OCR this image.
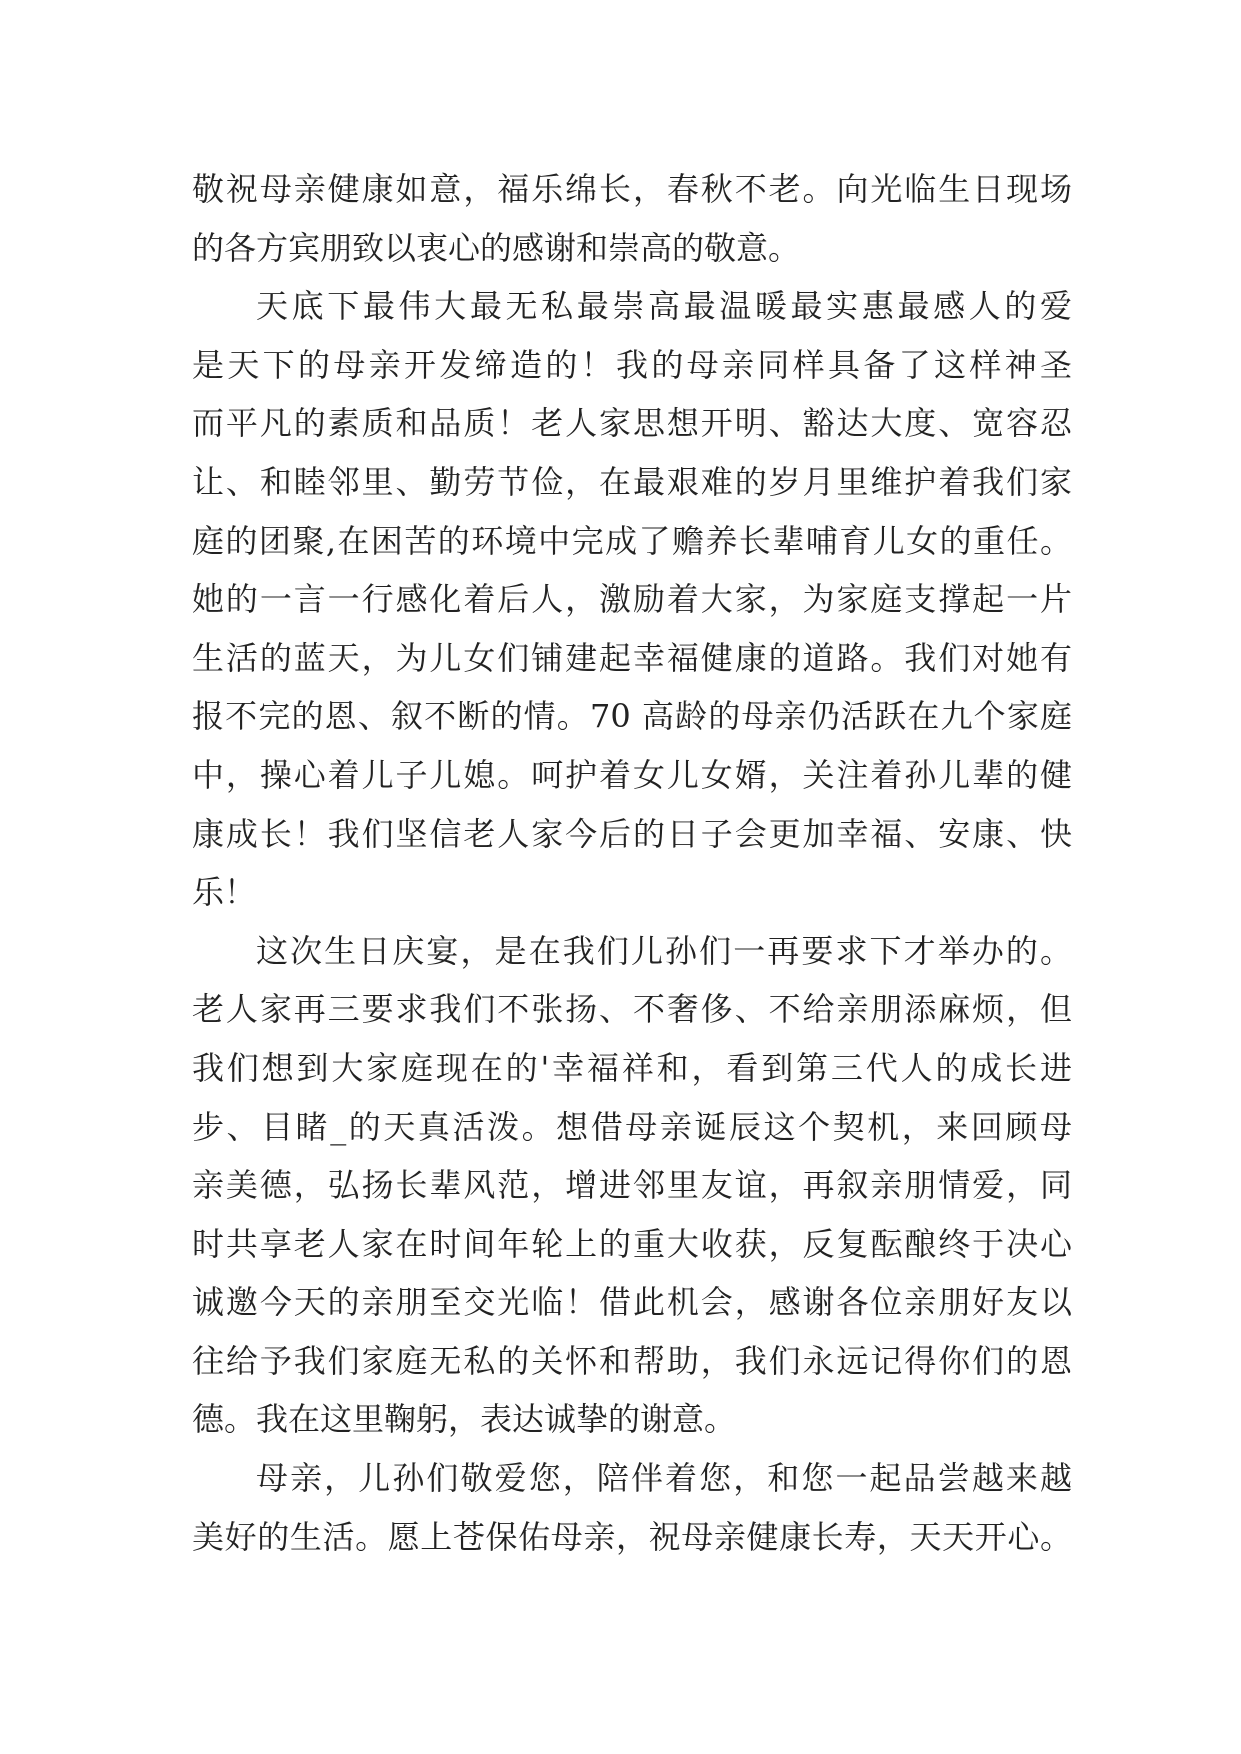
敬祝母亲健康如意，福乐绵长，春秋不老。向光临生日现场
的各方宾朋致以衷心的感谢和崇高的敬意。
天底下最伟大最无私最崇高最温暖最实惠最感人的爱
是天下的母亲开发缔造的！我的母亲同样具备了这样神圣
而平凡的素质和品质！老人家思想开明、豁达大度、宽容忍
让、和睦邻里、勤劳节俭，在最艰难的岁月里维护着我们家
庭的团聚,在困苦的环境中完成了赡养长辈哺育儿女的重任。
她的一言一行感化着后人，激励着大家，为家庭支撑起一片
生活的蓝天，为儿女们铺建起幸福健康的道路。我们对她有
报不完的恩、叙不断的情。70 高龄的母亲仍活跃在九个家庭
中，操心着儿子儿媳。呵护着女儿女婿，关注着孙儿辈的健
康成长！我们坚信老人家今后的日子会更加幸福、安康、快
乐！
这次生日庆宴，是在我们儿孙们一再要求下才举办的。
老人家再三要求我们不张扬、不奢侈、不给亲朋添麻烦，但
我们想到大家庭现在的'幸福祥和，看到第三代人的成长进
步、目睹_的天真活泼。想借母亲诞辰这个契机，来回顾母
亲美德，弘扬长辈风范，增进邻里友谊，再叙亲朋情爱，同
时共享老人家在时间年轮上的重大收获，反复酝酿终于决心
诚邀今天的亲朋至交光临！借此机会，感谢各位亲朋好友以
往给予我们家庭无私的关怀和帮助，我们永远记得你们的恩
德。我在这里鞠躬，表达诚挚的谢意。
母亲，儿孙们敬爱您，陪伴着您，和您一起品尝越来越
美好的生活。愿上苍保佑母亲，祝母亲健康长寿，天天开心。
